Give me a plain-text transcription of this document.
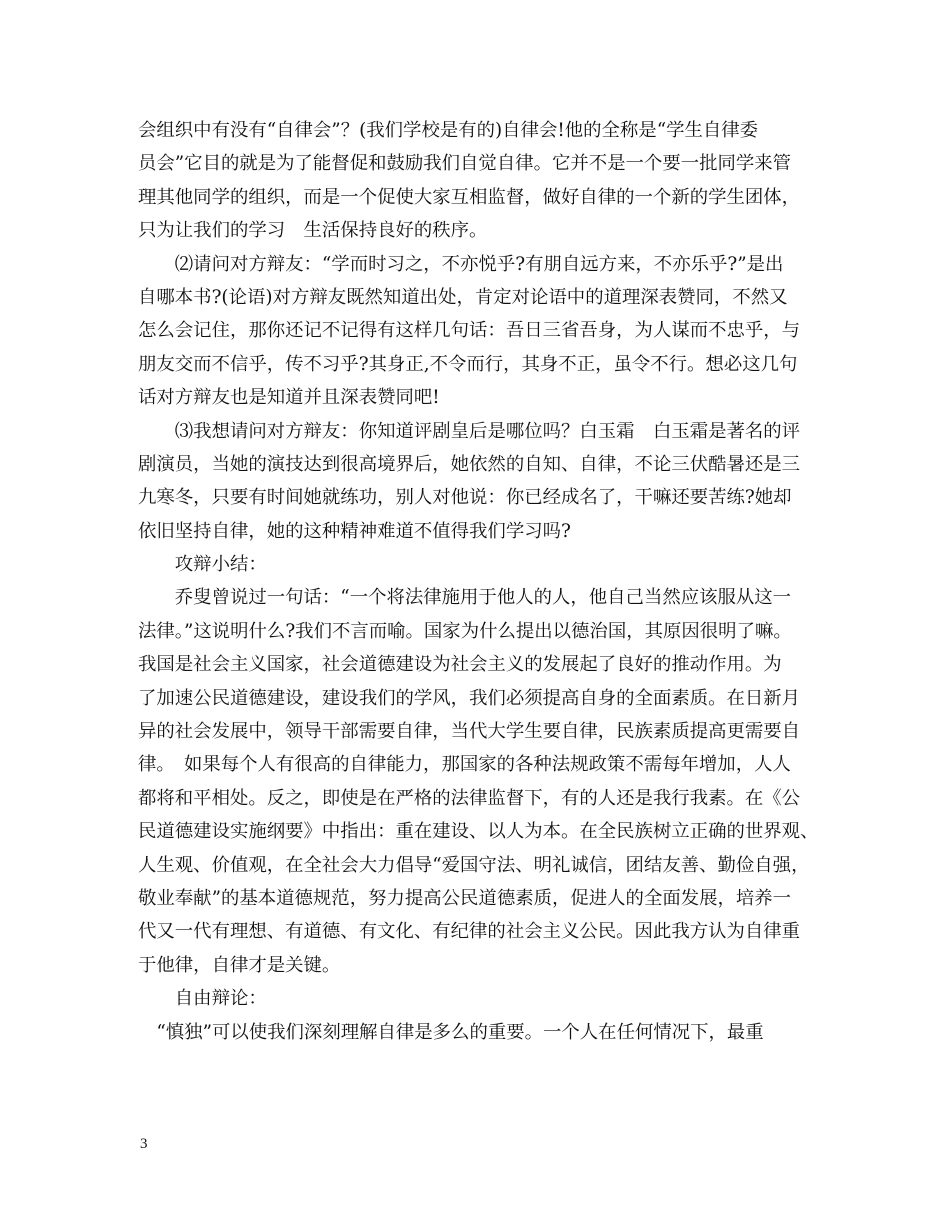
会组织中有没有“自律会”？(我们学校是有的)自律会!他的全称是“学生自律委
员会”它目的就是为了能督促和鼓励我们自觉自律。它并不是一个要一批同学来管
理其他同学的组织，而是一个促使大家互相监督，做好自律的一个新的学生团体，
只为让我们的学习　生活保持良好的秩序。
　　⑵请问对方辩友：“学而时习之，不亦悦乎?有朋自远方来，不亦乐乎?”是出
自哪本书?(论语)对方辩友既然知道出处，肯定对论语中的道理深表赞同，不然又
怎么会记住，那你还记不记得有这样几句话：吾日三省吾身，为人谋而不忠乎，与
朋友交而不信乎，传不习乎?其身正,不令而行，其身不正，虽令不行。想必这几句
话对方辩友也是知道并且深表赞同吧!
　　⑶我想请问对方辩友：你知道评剧皇后是哪位吗？白玉霜　白玉霜是著名的评
剧演员，当她的演技达到很高境界后，她依然的自知、自律，不论三伏酷暑还是三
九寒冬，只要有时间她就练功，别人对他说：你已经成名了，干嘛还要苦练?她却
依旧坚持自律，她的这种精神难道不值得我们学习吗?
　　攻辩小结：
　　乔叟曾说过一句话：“一个将法律施用于他人的人，他自己当然应该服从这一
法律。”这说明什么?我们不言而喻。国家为什么提出以德治国，其原因很明了嘛。
我国是社会主义国家，社会道德建设为社会主义的发展起了良好的推动作用。为
了加速公民道德建设，建设我们的学风，我们必须提高自身的全面素质。在日新月
异的社会发展中，领导干部需要自律，当代大学生要自律，民族素质提高更需要自
律。　如果每个人有很高的自律能力，那国家的各种法规政策不需每年增加，人人
都将和平相处。反之，即使是在严格的法律监督下，有的人还是我行我素。在《公
民道德建设实施纲要》中指出：重在建设、以人为本。在全民族树立正确的世界观、
人生观、价值观，在全社会大力倡导“爱国守法、明礼诚信，团结友善、勤俭自强，
敬业奉献”的基本道德规范，努力提高公民道德素质，促进人的全面发展，培养一
代又一代有理想、有道德、有文化、有纪律的社会主义公民。因此我方认为自律重
于他律，自律才是关键。
　　自由辩论：
　“慎独”可以使我们深刻理解自律是多么的重要。一个人在任何情况下，最重
3
